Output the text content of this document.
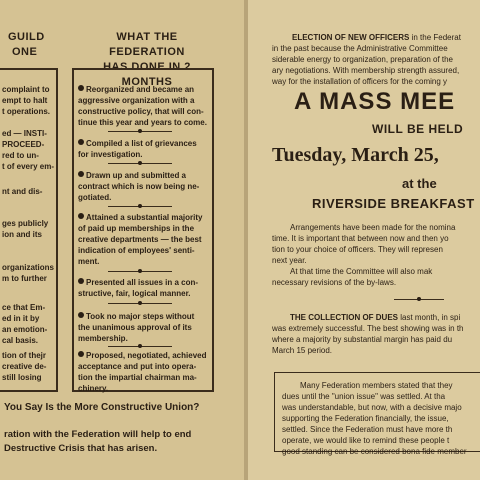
GUILD
ONE
complaint to
empt to halt
t operations.
ed — INSTI-
PROCEED-
red to un-
t of every em-
nt and dis-
ges publicly
ion and its
organizations
m to further
ce that Em-
ed in it by
an emotion-
cal basis.
tion of thejr
creative de-
still losing
WHAT THE FEDERATION
HAS DONE IN 2 MONTHS
Reorganized and became an
aggressive organization with a
constructive policy, that will con-
tinue this year and years to come.
Compiled a list of grievances
for investigation.
Drawn up and submitted a
contract which is now being ne-
gotiated.
Attained a substantial majority
of paid up memberships in the
creative departments — the best
indication of employees' senti-
ment.
Presented all issues in a con-
structive, fair, logical manner.
Took no major steps without
the unanimous approval of its
membership.
Proposed, negotiated, achieved
acceptance and put into opera-
tion the impartial chairman ma-
chinery.
You Say Is the More Constructive Union?
ration with the Federation will help to end
Destructive Crisis that has arisen.
ELECTION OF NEW OFFICERS in the Federat
in the past because the Administrative Committee
siderable energy to organization, preparation of the
ary negotiations. With membership strength assured,
way for the installation of officers for the coming y
A MASS MEE
WILL BE HELD
Tuesday, March 25,
at the
RIVERSIDE BREAKFAST
Arrangements have been made for the nomina
time. It is important that between now and then yo
tion to your choice of officers. They will represen
next year.
At that time the Committee will also mak
necessary revisions of the by-laws.
THE COLLECTION OF DUES last month, in spi
was extremely successful. The best showing was in th
where a majority by substantial margin has paid du
March 15 period.
Many Federation members stated that they
dues until the "union issue" was settled. At tha
was understandable, but now, with a decisive majo
supporting the Federation financially, the issue,
settled. Since the Federation must have more th
operate, we would like to remind these people t
good standing can be considered bona fide member
